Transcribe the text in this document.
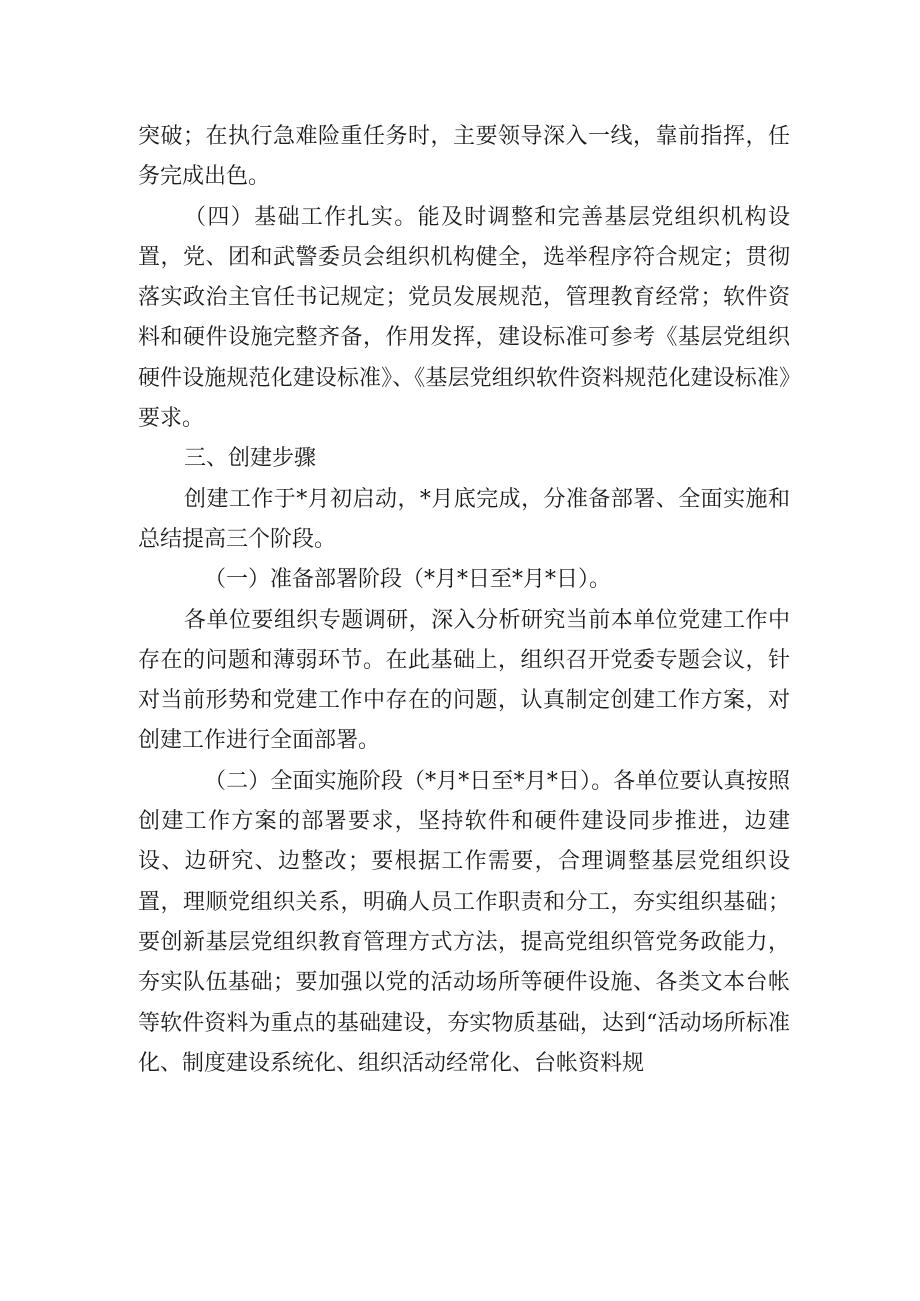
突破；在执行急难险重任务时，主要领导深入一线，靠前指挥，任务完成出色。

（四）基础工作扎实。能及时调整和完善基层党组织机构设置，党、团和武警委员会组织机构健全，选举程序符合规定；贯彻落实政治主官任书记规定；党员发展规范，管理教育经常；软件资料和硬件设施完整齐备，作用发挥，建设标准可参考《基层党组织硬件设施规范化建设标准》、《基层党组织软件资料规范化建设标准》要求。

三、创建步骤

创建工作于*月初启动，*月底完成，分准备部署、全面实施和总结提高三个阶段。

（一）准备部署阶段（*月*日至*月*日）。

各单位要组织专题调研，深入分析研究当前本单位党建工作中存在的问题和薄弱环节。在此基础上，组织召开党委专题会议，针对当前形势和党建工作中存在的问题，认真制定创建工作方案，对创建工作进行全面部署。

（二）全面实施阶段（*月*日至*月*日）。各单位要认真按照创建工作方案的部署要求，坚持软件和硬件建设同步推进，边建设、边研究、边整改；要根据工作需要，合理调整基层党组织设置，理顺党组织关系，明确人员工作职责和分工，夯实组织基础；要创新基层党组织教育管理方式方法，提高党组织管党务政能力，夯实队伍基础；要加强以党的活动场所等硬件设施、各类文本台帐等软件资料为重点的基础建设，夯实物质基础，达到“活动场所标准化、制度建设系统化、组织活动经常化、台帐资料规
